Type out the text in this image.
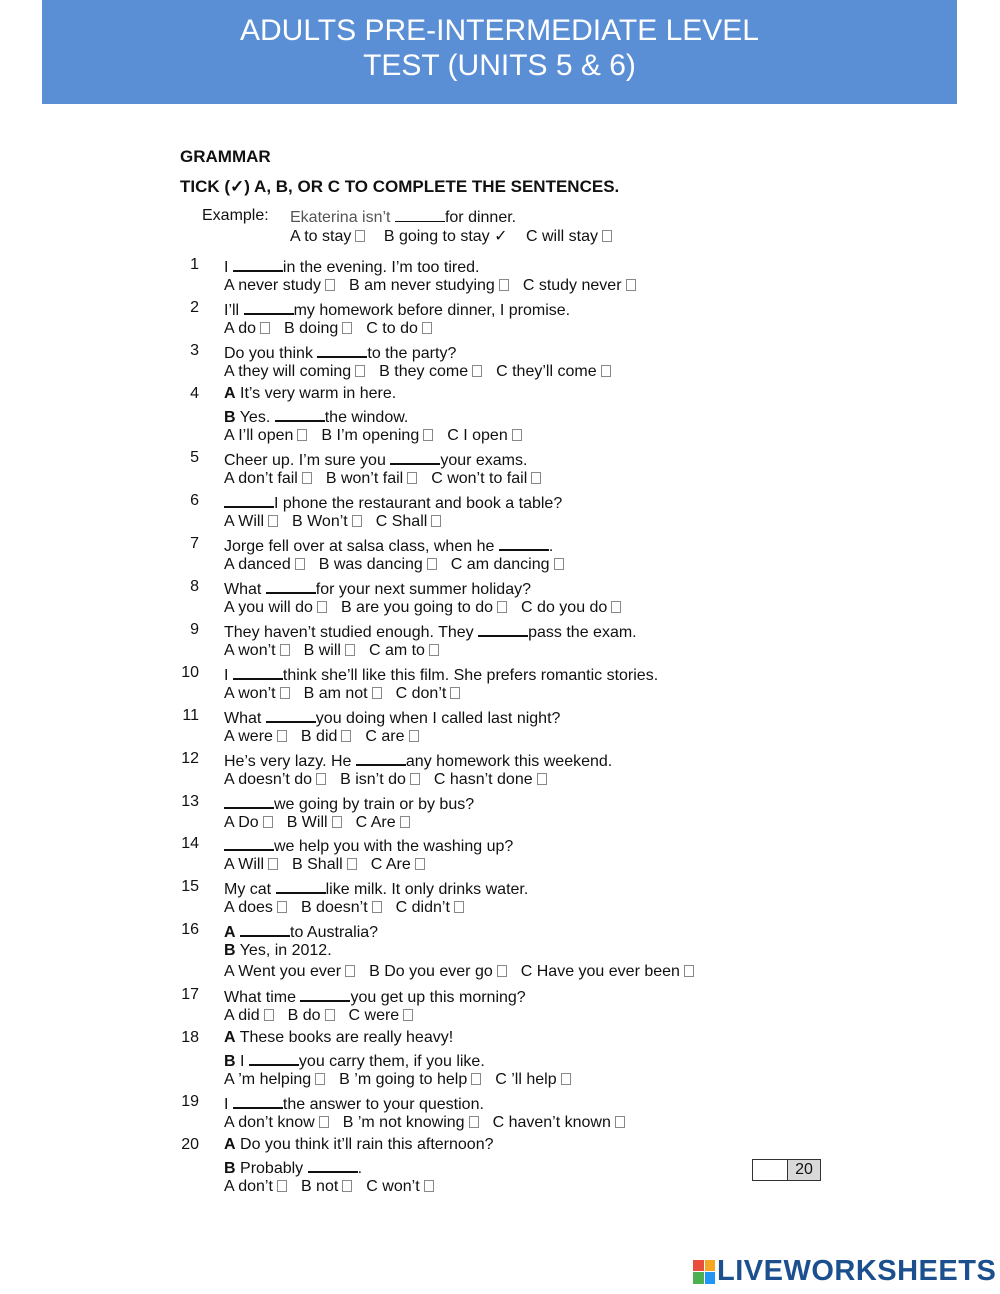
ADULTS PRE-INTERMEDIATE LEVEL
TEST (UNITS 5 & 6)
GRAMMAR
TICK (✓) A, B, OR C TO COMPLETE THE SENTENCES.
Example: Ekaterina isn’t	for dinner.
A to stay B going to stay ✓ C will stay
1 I	in the evening. I’m too tired.
A never study B am never studying C study never
2 I’ll	my homework before dinner, I promise.
A do B doing C to do
3 Do you think	to the party?
A they will coming B they come C they’ll come
4 A It’s very warm in here.
B Yes.	the window.
A I’ll open B I’m opening C I open
5 Cheer up. I’m sure you	your exams.
A don’t fail B won’t fail C won’t to fail
6	I phone the restaurant and book a table?
A Will B Won’t C Shall
7 Jorge fell over at salsa class, when he	.
A danced B was dancing C am dancing
8 What	for your next summer holiday?
A you will do B are you going to do C do you do
9 They haven’t studied enough. They	pass the exam.
A won’t B will C am to
10 I	think she’ll like this film. She prefers romantic stories.
A won’t B am not C don’t
11 What	you doing when I called last night?
A were B did C are
12 He’s very lazy. He	any homework this weekend.
A doesn’t do B isn’t do C hasn’t done
13	we going by train or by bus?
A Do B Will C Are
14	we help you with the washing up?
A Will B Shall C Are
15 My cat	like milk. It only drinks water.
A does B doesn’t C didn’t
16 A	to Australia?
B Yes, in 2012.
A Went you ever B Do you ever go C Have you ever been
17 What time	you get up this morning?
A did B do C were
18 A These books are really heavy!
B I	you carry them, if you like.
A ’m helping B ’m going to help C ’ll help
19 I	the answer to your question.
A don’t know B ’m not knowing C haven’t known
20 A Do you think it’ll rain this afternoon?
B Probably	.
A don’t B not C won’t
20
LIVEWORKSHEETS
